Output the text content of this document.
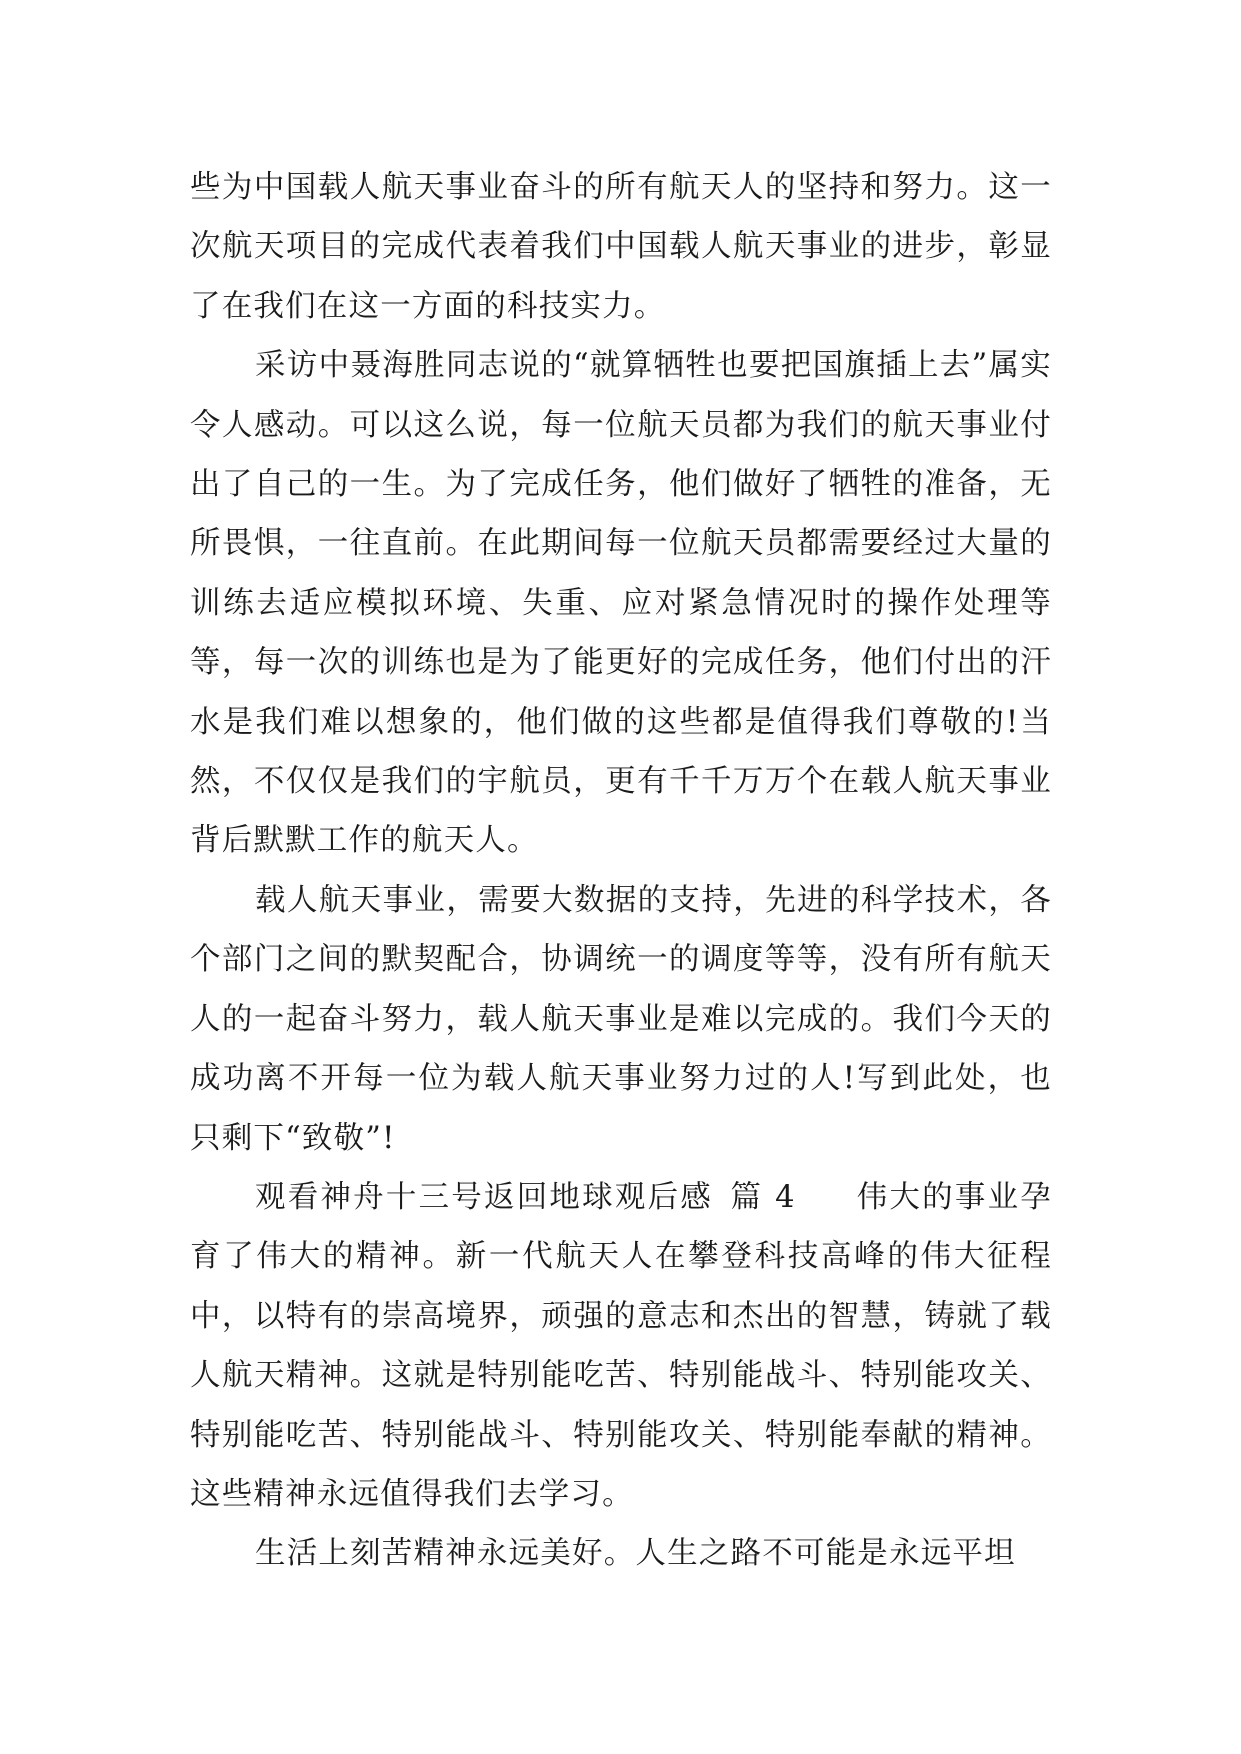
些为中国载人航天事业奋斗的所有航天人的坚持和努力。这一次航天项目的完成代表着我们中国载人航天事业的进步，彰显了在我们在这一方面的科技实力。

采访中聂海胜同志说的“就算牺牲也要把国旗插上去”属实令人感动。可以这么说，每一位航天员都为我们的航天事业付出了自己的一生。为了完成任务，他们做好了牺牲的准备，无所畏惧，一往直前。在此期间每一位航天员都需要经过大量的训练去适应模拟环境、失重、应对紧急情况时的操作处理等等，每一次的训练也是为了能更好的完成任务，他们付出的汗水是我们难以想象的，他们做的这些都是值得我们尊敬的!当然，不仅仅是我们的宇航员，更有千千万万个在载人航天事业背后默默工作的航天人。

载人航天事业，需要大数据的支持，先进的科学技术，各个部门之间的默契配合，协调统一的调度等等，没有所有航天人的一起奋斗努力，载人航天事业是难以完成的。我们今天的成功离不开每一位为载人航天事业努力过的人!写到此处，也只剩下“致敬”!

观看神舟十三号返回地球观后感  篇 4 伟大的事业孕育了伟大的精神。新一代航天人在攀登科技高峰的伟大征程中，以特有的崇高境界，顽强的意志和杰出的智慧，铸就了载人航天精神。这就是特别能吃苦、特别能战斗、特别能攻关、特别能吃苦、特别能战斗、特别能攻关、特别能奉献的精神。这些精神永远值得我们去学习。

生活上刻苦精神永远美好。人生之路不可能是永远平坦
